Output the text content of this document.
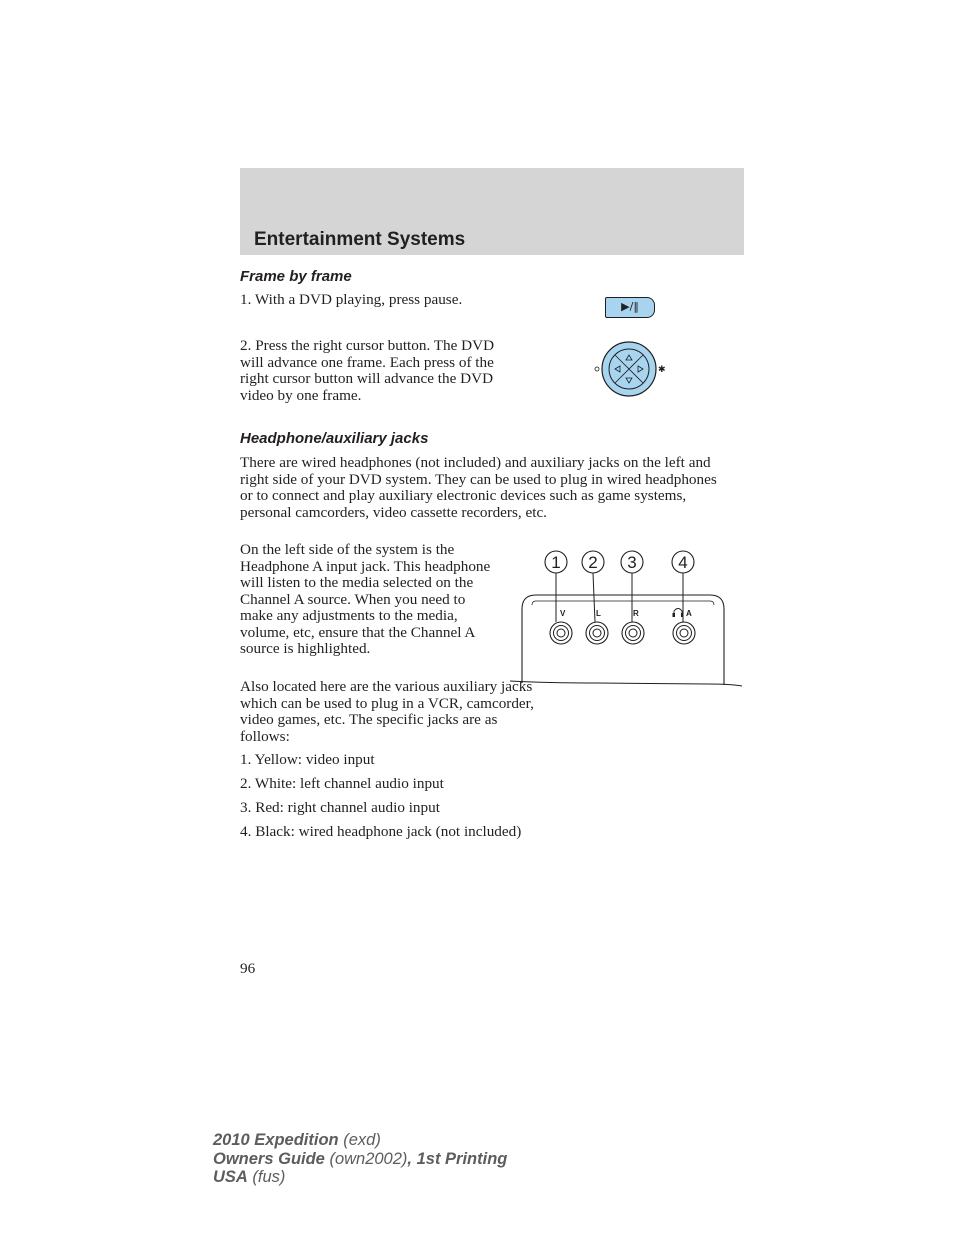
Entertainment Systems
Frame by frame

1. With a DVD playing, press pause.	▶/‖

2. Press the right cursor button. The DVD will advance one frame. Each press of the right cursor button will advance the DVD video by one frame.

✱
Headphone/auxiliary jacks

There are wired headphones (not included) and auxiliary jacks on the left and right side of your DVD system. They can be used to plug in wired headphones or to connect and play auxiliary electronic devices such as game systems, personal camcorders, video cassette recorders, etc.

On the left side of the system is the Headphone A input jack. This headphone will listen to the media selected on the Channel A source. When you need to make any adjustments to the media, volume, etc, ensure that the Channel A source is highlighted.

1 2 3 4
V	L	R	A

Also located here are the various auxiliary jacks which can be used to plug in a VCR, camcorder, video games, etc. The specific jacks are as follows:

1. Yellow: video input
2. White: left channel audio input
3. Red: right channel audio input
4. Black: wired headphone jack (not included)
96
2010 Expedition (exd)
Owners Guide (own2002), 1st Printing
USA (fus)
